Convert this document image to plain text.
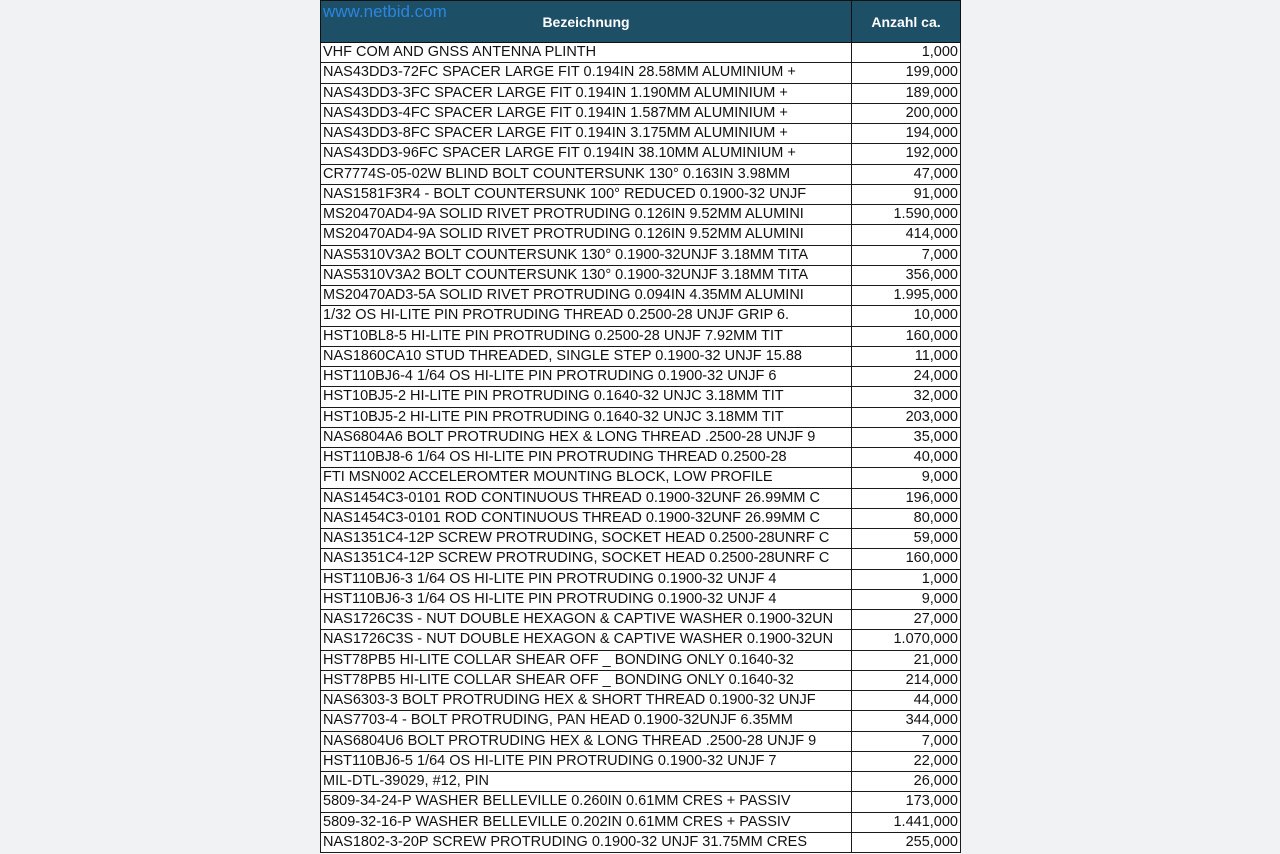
www.netbid.com
Bezeichnung	Anzahl ca.
VHF COM AND GNSS ANTENNA PLINTH	1,000
NAS43DD3-72FC SPACER LARGE FIT 0.194IN 28.58MM ALUMINIUM +	199,000
NAS43DD3-3FC SPACER LARGE FIT 0.194IN 1.190MM ALUMINIUM +	189,000
NAS43DD3-4FC SPACER LARGE FIT 0.194IN 1.587MM ALUMINIUM +	200,000
NAS43DD3-8FC SPACER LARGE FIT 0.194IN 3.175MM ALUMINIUM +	194,000
NAS43DD3-96FC SPACER LARGE FIT 0.194IN 38.10MM ALUMINIUM +	192,000
CR7774S-05-02W BLIND BOLT COUNTERSUNK 130° 0.163IN 3.98MM	47,000
NAS1581F3R4 - BOLT COUNTERSUNK 100° REDUCED 0.1900-32 UNJF	91,000
MS20470AD4-9A SOLID RIVET PROTRUDING 0.126IN 9.52MM ALUMINI	1.590,000
MS20470AD4-9A SOLID RIVET PROTRUDING 0.126IN 9.52MM ALUMINI	414,000
NAS5310V3A2 BOLT COUNTERSUNK 130° 0.1900-32UNJF 3.18MM TITA	7,000
NAS5310V3A2 BOLT COUNTERSUNK 130° 0.1900-32UNJF 3.18MM TITA	356,000
MS20470AD3-5A SOLID RIVET PROTRUDING 0.094IN 4.35MM ALUMINI	1.995,000
1/32 OS HI-LITE PIN PROTRUDING THREAD 0.2500-28 UNJF GRIP 6.	10,000
HST10BL8-5 HI-LITE PIN PROTRUDING 0.2500-28 UNJF 7.92MM TIT	160,000
NAS1860CA10 STUD THREADED, SINGLE STEP 0.1900-32 UNJF 15.88	11,000
HST110BJ6-4 1/64 OS HI-LITE PIN PROTRUDING 0.1900-32 UNJF 6	24,000
HST10BJ5-2 HI-LITE PIN PROTRUDING 0.1640-32 UNJC 3.18MM TIT	32,000
HST10BJ5-2 HI-LITE PIN PROTRUDING 0.1640-32 UNJC 3.18MM TIT	203,000
NAS6804A6 BOLT PROTRUDING HEX & LONG THREAD .2500-28 UNJF 9	35,000
HST110BJ8-6 1/64 OS HI-LITE PIN PROTRUDING THREAD 0.2500-28	40,000
FTI MSN002 ACCELEROMTER MOUNTING BLOCK, LOW PROFILE	9,000
NAS1454C3-0101 ROD CONTINUOUS THREAD 0.1900-32UNF 26.99MM C	196,000
NAS1454C3-0101 ROD CONTINUOUS THREAD 0.1900-32UNF 26.99MM C	80,000
NAS1351C4-12P SCREW PROTRUDING, SOCKET HEAD 0.2500-28UNRF C	59,000
NAS1351C4-12P SCREW PROTRUDING, SOCKET HEAD 0.2500-28UNRF C	160,000
HST110BJ6-3 1/64 OS HI-LITE PIN PROTRUDING 0.1900-32 UNJF 4	1,000
HST110BJ6-3 1/64 OS HI-LITE PIN PROTRUDING 0.1900-32 UNJF 4	9,000
NAS1726C3S - NUT DOUBLE HEXAGON & CAPTIVE WASHER 0.1900-32UN	27,000
NAS1726C3S - NUT DOUBLE HEXAGON & CAPTIVE WASHER 0.1900-32UN	1.070,000
HST78PB5 HI-LITE COLLAR SHEAR OFF _ BONDING ONLY 0.1640-32	21,000
HST78PB5 HI-LITE COLLAR SHEAR OFF _ BONDING ONLY 0.1640-32	214,000
NAS6303-3 BOLT PROTRUDING HEX & SHORT THREAD 0.1900-32 UNJF	44,000
NAS7703-4 - BOLT PROTRUDING, PAN HEAD 0.1900-32UNJF 6.35MM	344,000
NAS6804U6 BOLT PROTRUDING HEX & LONG THREAD .2500-28 UNJF 9	7,000
HST110BJ6-5 1/64 OS HI-LITE PIN PROTRUDING 0.1900-32 UNJF 7	22,000
MIL-DTL-39029, #12, PIN	26,000
5809-34-24-P WASHER BELLEVILLE 0.260IN 0.61MM CRES + PASSIV	173,000
5809-32-16-P WASHER BELLEVILLE 0.202IN 0.61MM CRES + PASSIV	1.441,000
NAS1802-3-20P SCREW PROTRUDING 0.1900-32 UNJF 31.75MM CRES	255,000
